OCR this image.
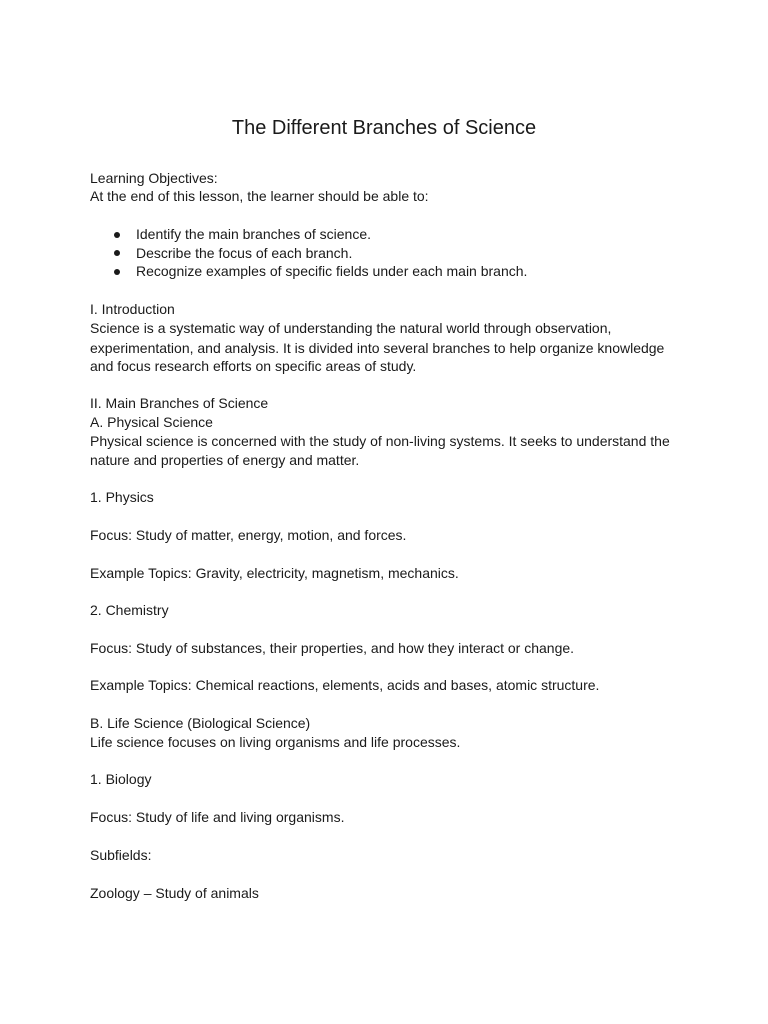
The Different Branches of Science

Learning Objectives:

At the end of this lesson, the learner should be able to:

Identify the main branches of science.
Describe the focus of each branch.
Recognize examples of specific fields under each main branch.

I. Introduction

Science is a systematic way of understanding the natural world through observation,

experimentation, and analysis. It is divided into several branches to help organize knowledge

and focus research efforts on specific areas of study.

II. Main Branches of Science

A. Physical Science

Physical science is concerned with the study of non-living systems. It seeks to understand the

nature and properties of energy and matter.

1. Physics

Focus: Study of matter, energy, motion, and forces.

Example Topics: Gravity, electricity, magnetism, mechanics.

2. Chemistry

Focus: Study of substances, their properties, and how they interact or change.

Example Topics: Chemical reactions, elements, acids and bases, atomic structure.

B. Life Science (Biological Science)

Life science focuses on living organisms and life processes.

1. Biology

Focus: Study of life and living organisms.

Subfields:

Zoology – Study of animals
